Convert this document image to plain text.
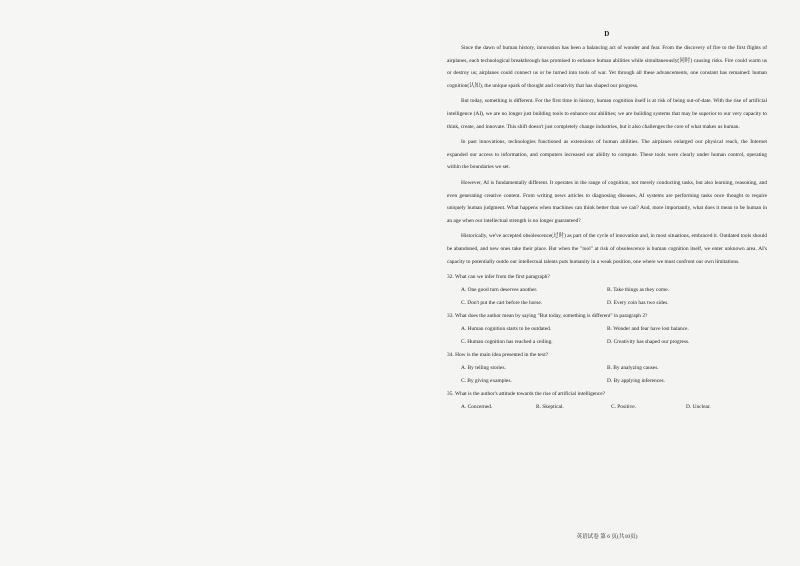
D

Since the dawn of human history, innovation has been a balancing act of wonder and fear. From the discovery of fire to the first flights of airplanes, each technological breakthrough has promised to enhance human abilities while simultaneously(同时) causing risks. Fire could warm us or destroy us; airplanes could connect us or be turned into tools of war. Yet through all these advancements, one constant has remained: human cognition(认知), the unique spark of thought and creativity that has shaped our progress.

But today, something is different. For the first time in history, human cognition itself is at risk of being out-of-date. With the rise of artificial intelligence (AI), we are no longer just building tools to enhance our abilities; we are building systems that may be superior to our very capacity to think, create, and innovate. This shift doesn't just completely change industries, but it also challenges the core of what makes us human.

In past innovations, technologies functioned as extensions of human abilities. The airplanes enlarged our physical reach, the Internet expanded our access to information, and computers increased our ability to compute. These tools were clearly under human control, operating within the boundaries we set.

However, AI is fundamentally different. It operates in the range of cognition, not merely conducting tasks, but also learning, reasoning, and even generating creative content. From writing news articles to diagnosing diseases, AI systems are performing tasks once thought to require uniquely human judgment. What happens when machines can think better than we can? And, more importantly, what does it mean to be human in an age when our intellectual strength is no longer guaranteed?

Historically, we've accepted obsolescence(过时) as part of the cycle of innovation and, in most situations, embraced it. Outdated tools should be abandoned, and new ones take their place. But when the "tool" at risk of obsolescence is human cognition itself, we enter unknown area. AI's capacity to potentially outdo our intellectual talents puts humanity in a weak position, one where we must confront our own limitations.

32. What can we infer from the first paragraph?
A. One good turn deserves another.	B. Take things as they come.
C. Don't put the cart before the horse.	D. Every coin has two sides.
33. What does the author mean by saying "But today, something is different" in paragraph 2?
A. Human cognition starts to be outdated.	B. Wonder and fear have lost balance.
C. Human cognition has reached a ceiling.	D. Creativity has shaped our progress.
34. How is the main idea presented in the text?
A. By telling stories.	B. By analyzing causes.
C. By giving examples.	D. By applying inferences.
35. What is the author's attitude towards the rise of artificial intelligence?
A. Concerned.	B. Skeptical.	C. Positive.	D. Unclear.
英语试卷 第 6 页(共10页)
